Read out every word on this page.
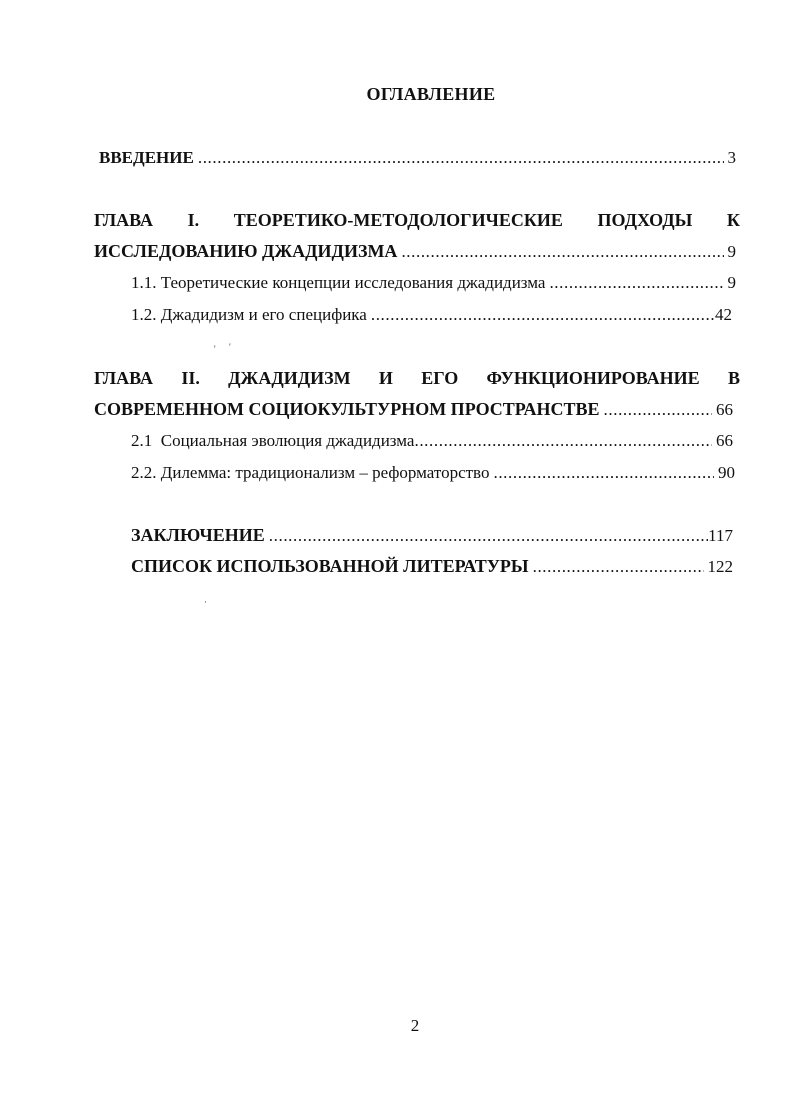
ОГЛАВЛЕНИЕ
ВВЕДЕНИЕ .....	3
ГЛАВА I. ТЕОРЕТИКО-МЕТОДОЛОГИЧЕСКИЕ ПОДХОДЫ К
ИССЛЕДОВАНИЮ ДЖАДИДИЗМА .....	9
1.1. Теоретические концепции исследования джадидизма .....	9
1.2. Джадидизм и его специфика .....	42
' ′
ГЛАВА II. ДЖАДИДИЗМ И ЕГО ФУНКЦИОНИРОВАНИЕ В
СОВРЕМЕННОМ СОЦИОКУЛЬТУРНОМ ПРОСТРАНСТВЕ .....	66
2.1  Социальная эволюция джадидизма .....	66
2.2. Дилемма: традиционализм – реформаторство .....	90
ЗАКЛЮЧЕНИЕ .....	117
СПИСОК ИСПОЛЬЗОВАННОЙ ЛИТЕРАТУРЫ .....	122
·
2
